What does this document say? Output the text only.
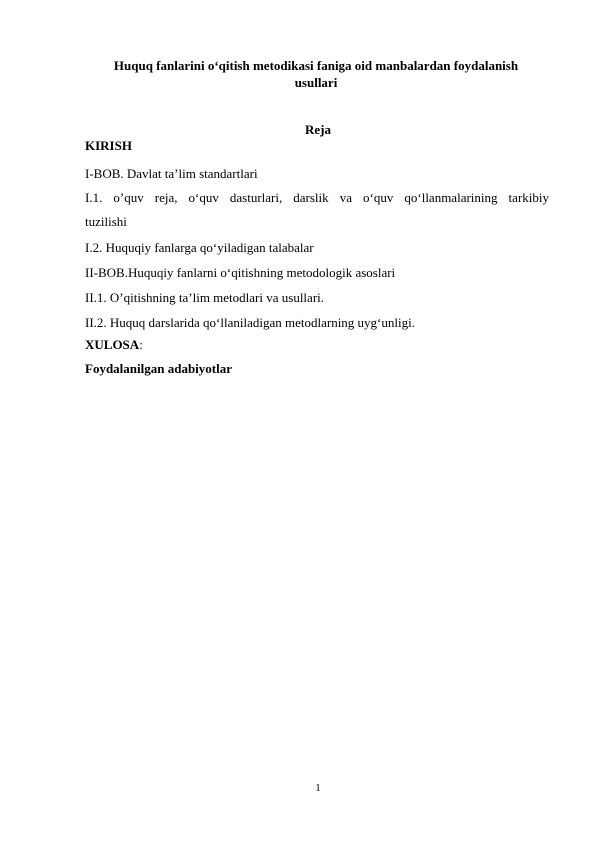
Huquq fanlarini o‘qitish metodikasi faniga oid manbalardan foydalanish
usullari
Reja
KIRISH
I-BOB. Davlat ta’lim standartlari
I.1. o’quv reja, o‘quv dasturlari, darslik va o‘quv qo‘llanmalarining tarkibiy
tuzilishi
I.2. Huquqiy fanlarga qo‘yiladigan talabalar
II-BOB.Huquqiy fanlarni o‘qitishning metodologik asoslari
II.1. O’qitishning ta’lim metodlari va usullari.
II.2. Huquq darslarida qo‘llaniladigan metodlarning uyg‘unligi.
XULOSA:
Foydalanilgan adabiyotlar
1
